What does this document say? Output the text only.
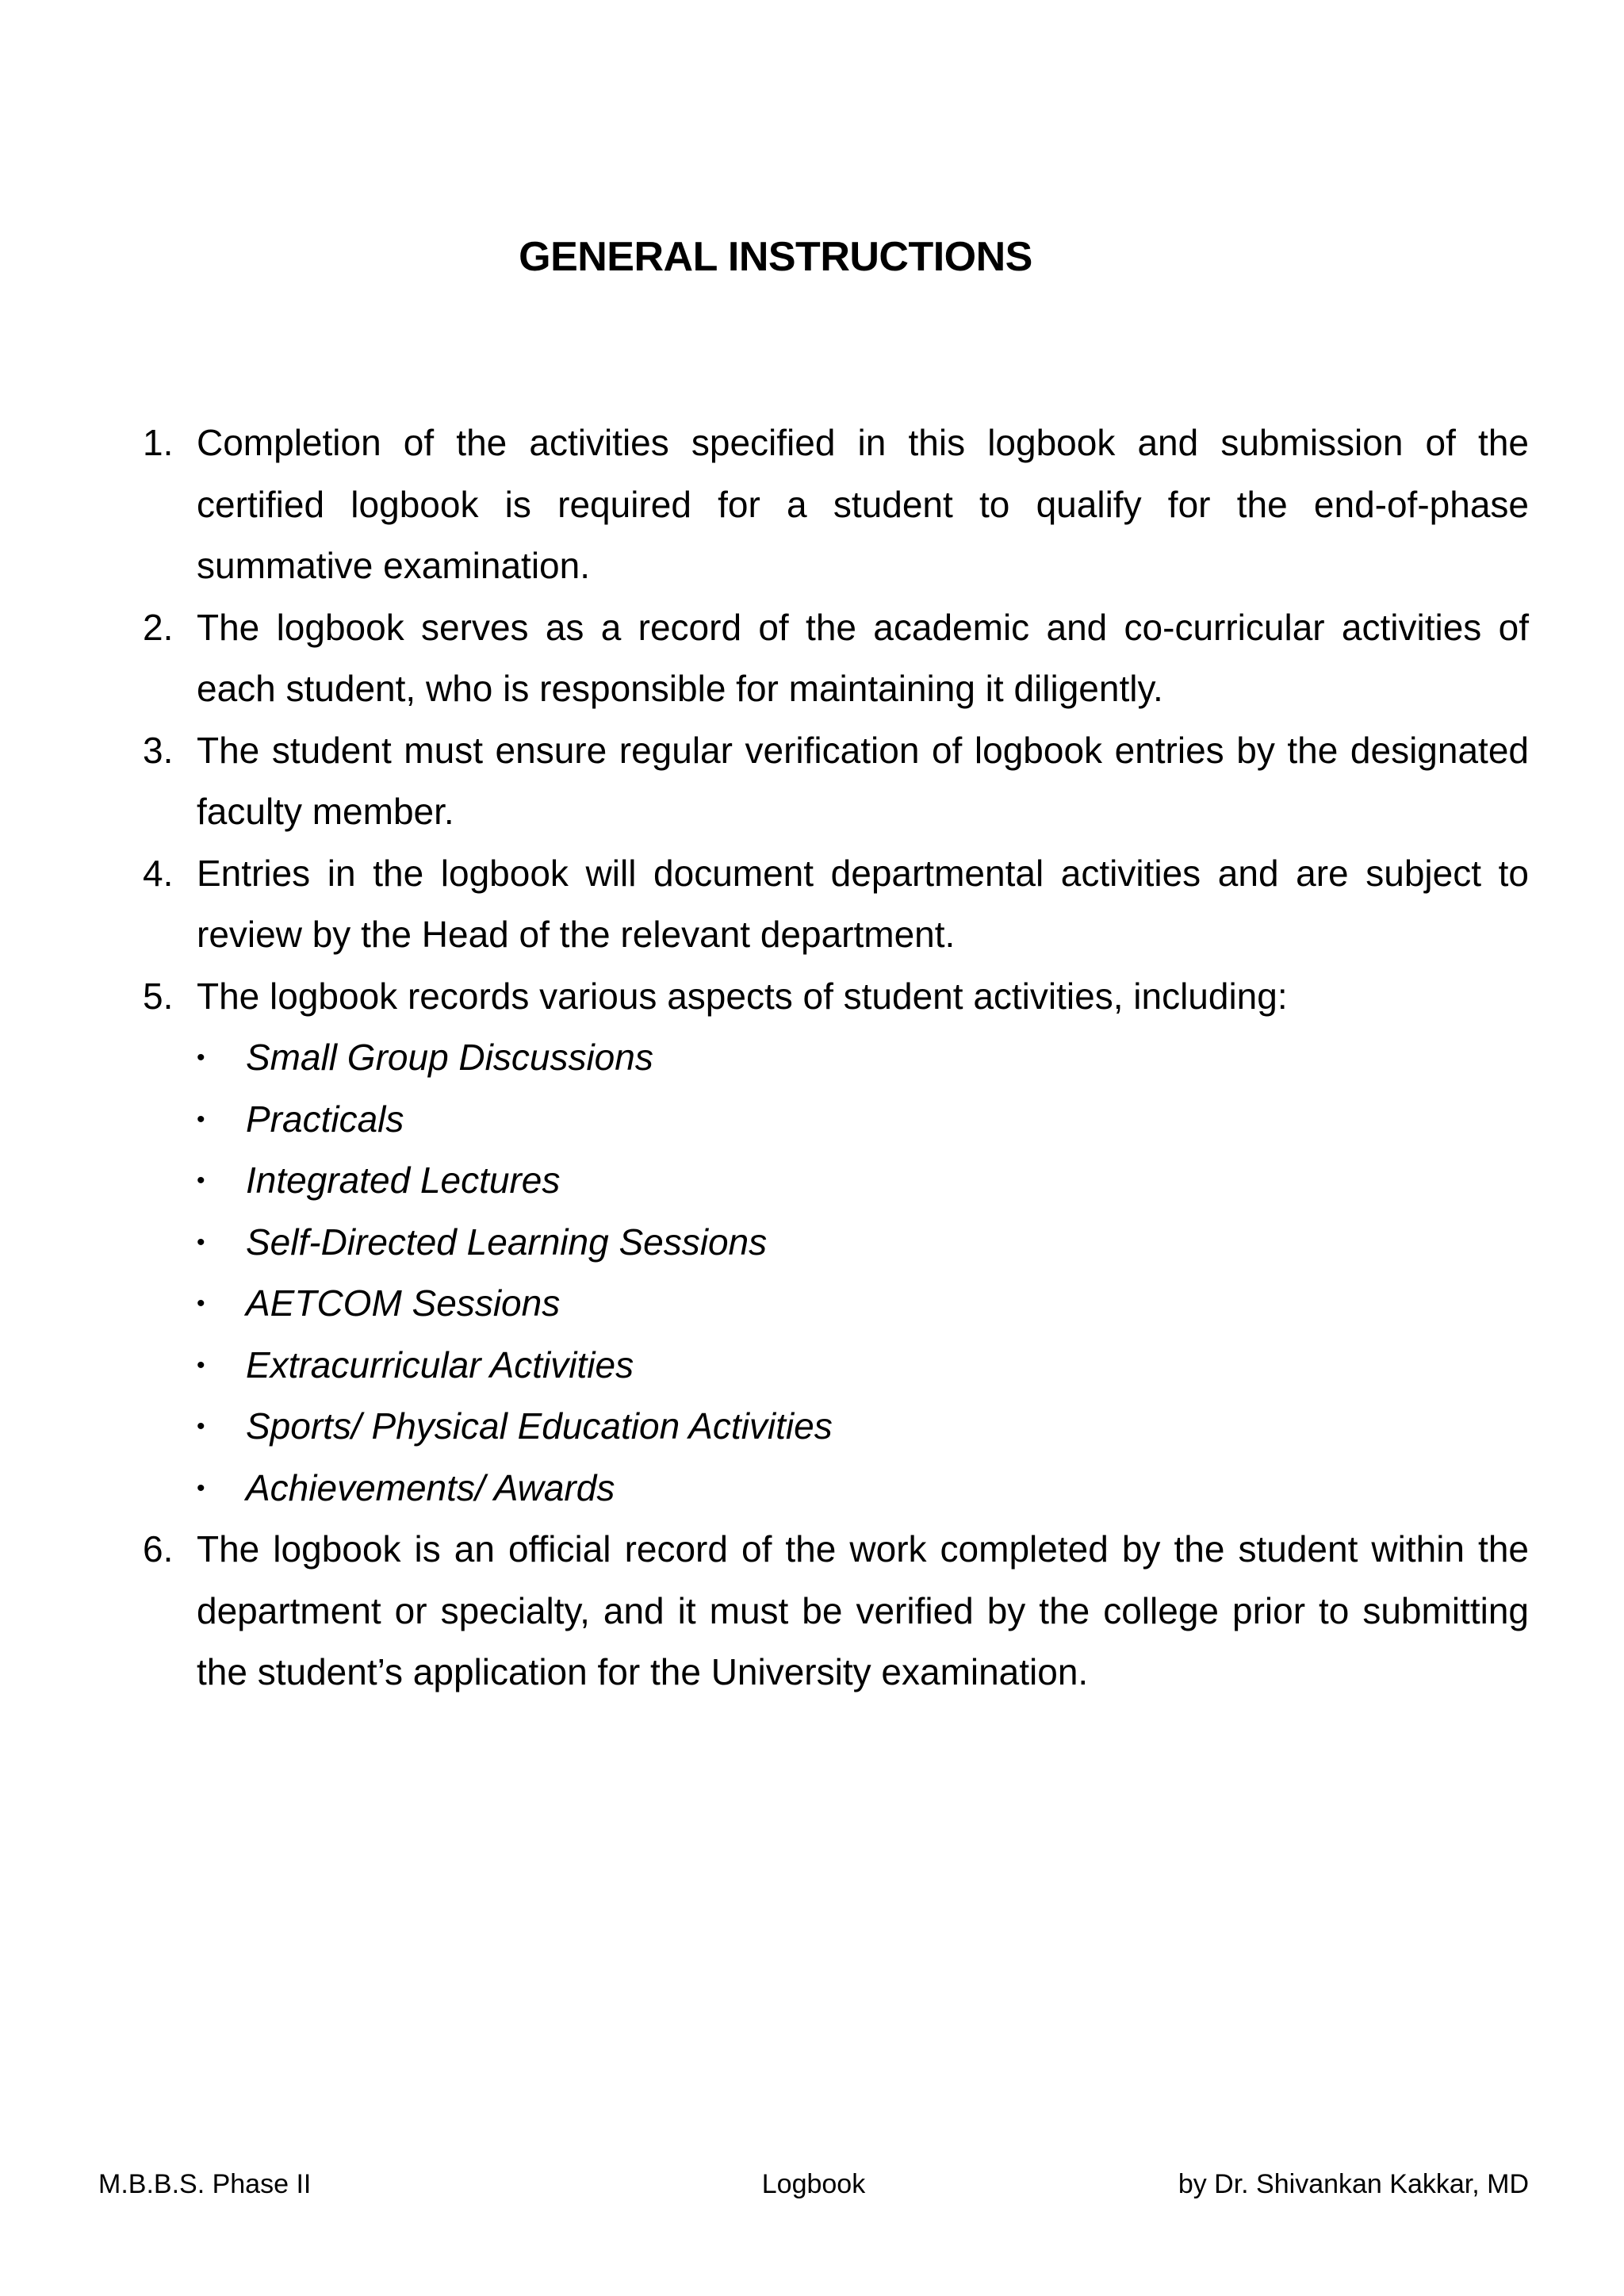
GENERAL INSTRUCTIONS
1. Completion of the activities specified in this logbook and submission of the certified logbook is required for a student to qualify for the end-of-phase summative examination.
2. The logbook serves as a record of the academic and co-curricular activities of each student, who is responsible for maintaining it diligently.
3. The student must ensure regular verification of logbook entries by the designated faculty member.
4. Entries in the logbook will document departmental activities and are subject to review by the Head of the relevant department.
5. The logbook records various aspects of student activities, including:
•	Small Group Discussions
•	Practicals
•	Integrated Lectures
•	Self-Directed Learning Sessions
•	AETCOM Sessions
•	Extracurricular Activities
•	Sports/ Physical Education Activities
•	Achievements/ Awards
6. The logbook is an official record of the work completed by the student within the department or specialty, and it must be verified by the college prior to submitting the student’s application for the University examination.
M.B.B.S. Phase II	Logbook	by Dr. Shivankan Kakkar, MD
